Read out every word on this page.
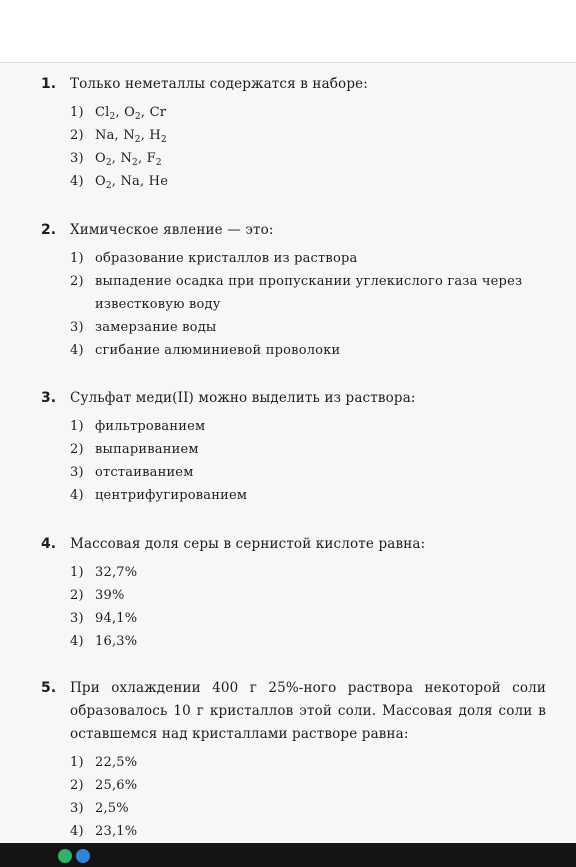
1. Только неметаллы содержатся в наборе:
1) $Cl_2$, $O_2$, Cr
2) Na, $N_2$, $H_2$
3) $O_2$, $N_2$, $F_2$
4) $O_2$, Na, He
2. Химическое явление — это:
1) образование кристаллов из раствора
2) выпадение осадка при пропускании углекислого газа через известковую воду
3) замерзание воды
4) сгибание алюминиевой проволоки
3. Сульфат меди(II) можно выделить из раствора:
1) фильтрованием
2) выпариванием
3) отстаиванием
4) центрифугированием
4. Массовая доля серы в сернистой кислоте равна:
1) 32,7%
2) 39%
3) 94,1%
4) 16,3%
5. При охлаждении 400 г 25%-ного раствора некоторой соли образовалось 10 г кристаллов этой соли. Массовая доля соли в оставшемся над кристаллами растворе равна:
1) 22,5%
2) 25,6%
3) 2,5%
4) 23,1%
